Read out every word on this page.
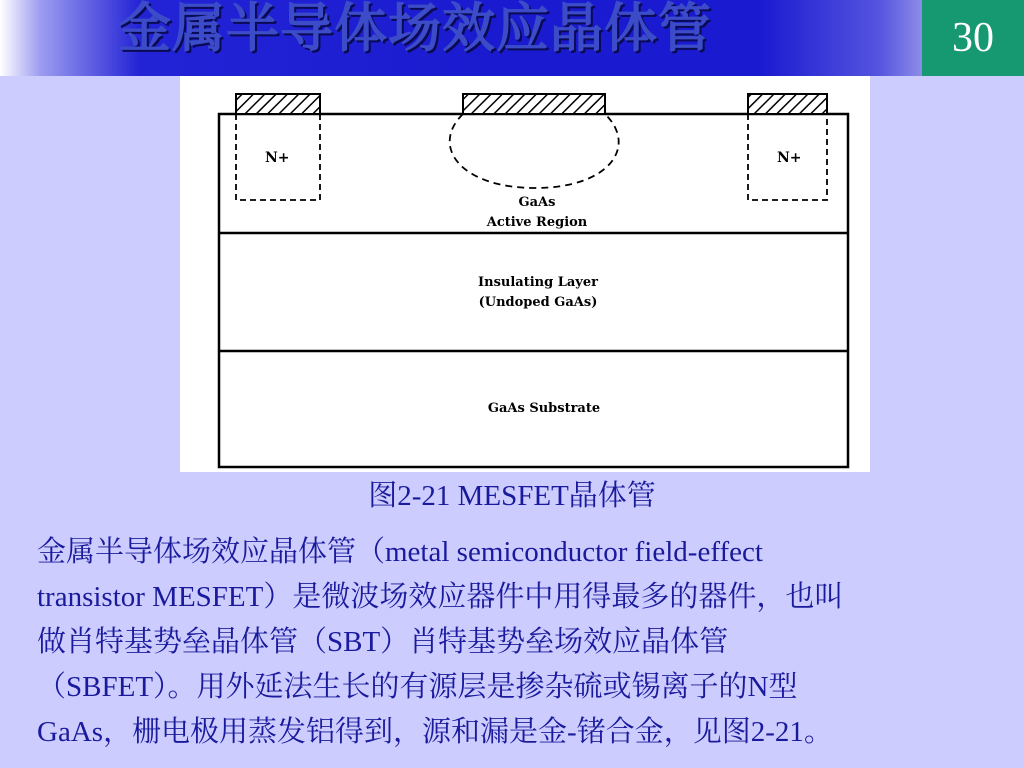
金属半导体场效应晶体管	30
N+	N+
GaAs
Active Region
Insulating Layer
(Undoped GaAs)
GaAs Substrate
图2-21 MESFET晶体管
金属半导体场效应晶体管（metal semiconductor field-effect
transistor MESFET）是微波场效应器件中用得最多的器件，也叫
做肖特基势垒晶体管（SBT）肖特基势垒场效应晶体管
（SBFET）。用外延法生长的有源层是掺杂硫或锡离子的N型
GaAs，栅电极用蒸发铝得到，源和漏是金-锗合金，见图2-21。
